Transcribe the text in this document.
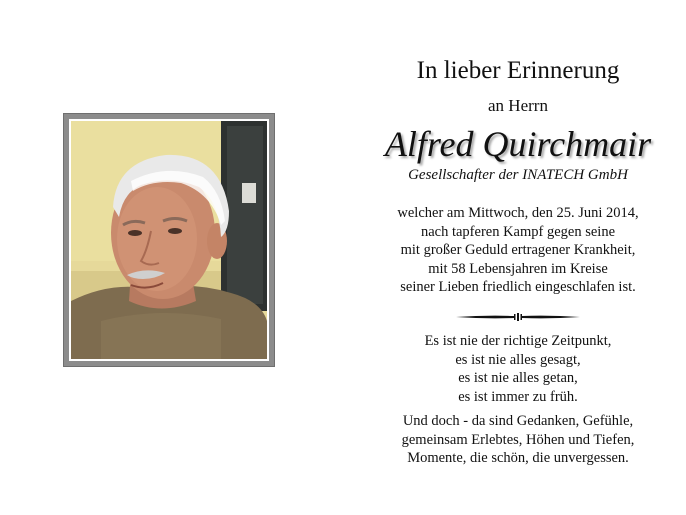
In lieber Erinnerung
an Herrn
Alfred Quirchmair
Gesellschafter der INATECH GmbH
welcher am Mittwoch, den 25. Juni 2014,
nach tapferen Kampf gegen seine
mit großer Geduld ertragener Krankheit,
mit 58 Lebensjahren im Kreise
seiner Lieben friedlich eingeschlafen ist.
Es ist nie der richtige Zeitpunkt,
es ist nie alles gesagt,
es ist nie alles getan,
es ist immer zu früh.
Und doch - da sind Gedanken, Gefühle,
gemeinsam Erlebtes, Höhen und Tiefen,
Momente, die schön, die unvergessen.
